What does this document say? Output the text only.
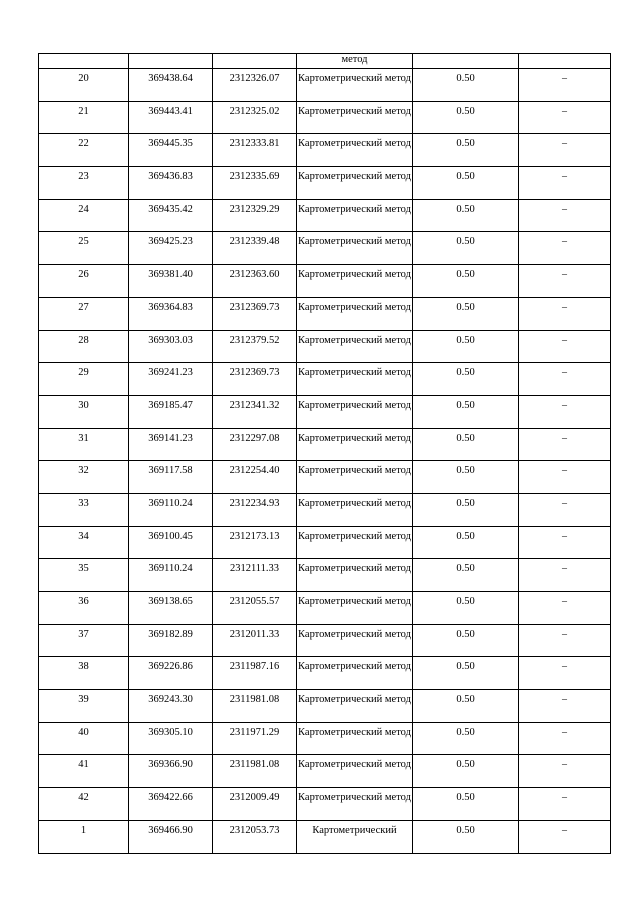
			метод		

20	369438.64	2312326.07	Картометрический метод	0.50	–

21	369443.41	2312325.02	Картометрический метод	0.50	–

22	369445.35	2312333.81	Картометрический метод	0.50	–

23	369436.83	2312335.69	Картометрический метод	0.50	–

24	369435.42	2312329.29	Картометрический метод	0.50	–

25	369425.23	2312339.48	Картометрический метод	0.50	–

26	369381.40	2312363.60	Картометрический метод	0.50	–

27	369364.83	2312369.73	Картометрический метод	0.50	–

28	369303.03	2312379.52	Картометрический метод	0.50	–

29	369241.23	2312369.73	Картометрический метод	0.50	–

30	369185.47	2312341.32	Картометрический метод	0.50	–

31	369141.23	2312297.08	Картометрический метод	0.50	–

32	369117.58	2312254.40	Картометрический метод	0.50	–

33	369110.24	2312234.93	Картометрический метод	0.50	–

34	369100.45	2312173.13	Картометрический метод	0.50	–

35	369110.24	2312111.33	Картометрический метод	0.50	–

36	369138.65	2312055.57	Картометрический метод	0.50	–

37	369182.89	2312011.33	Картометрический метод	0.50	–

38	369226.86	2311987.16	Картометрический метод	0.50	–

39	369243.30	2311981.08	Картометрический метод	0.50	–

40	369305.10	2311971.29	Картометрический метод	0.50	–

41	369366.90	2311981.08	Картометрический метод	0.50	–

42	369422.66	2312009.49	Картометрический метод	0.50	–

1	369466.90	2312053.73	Картометрический	0.50	–
